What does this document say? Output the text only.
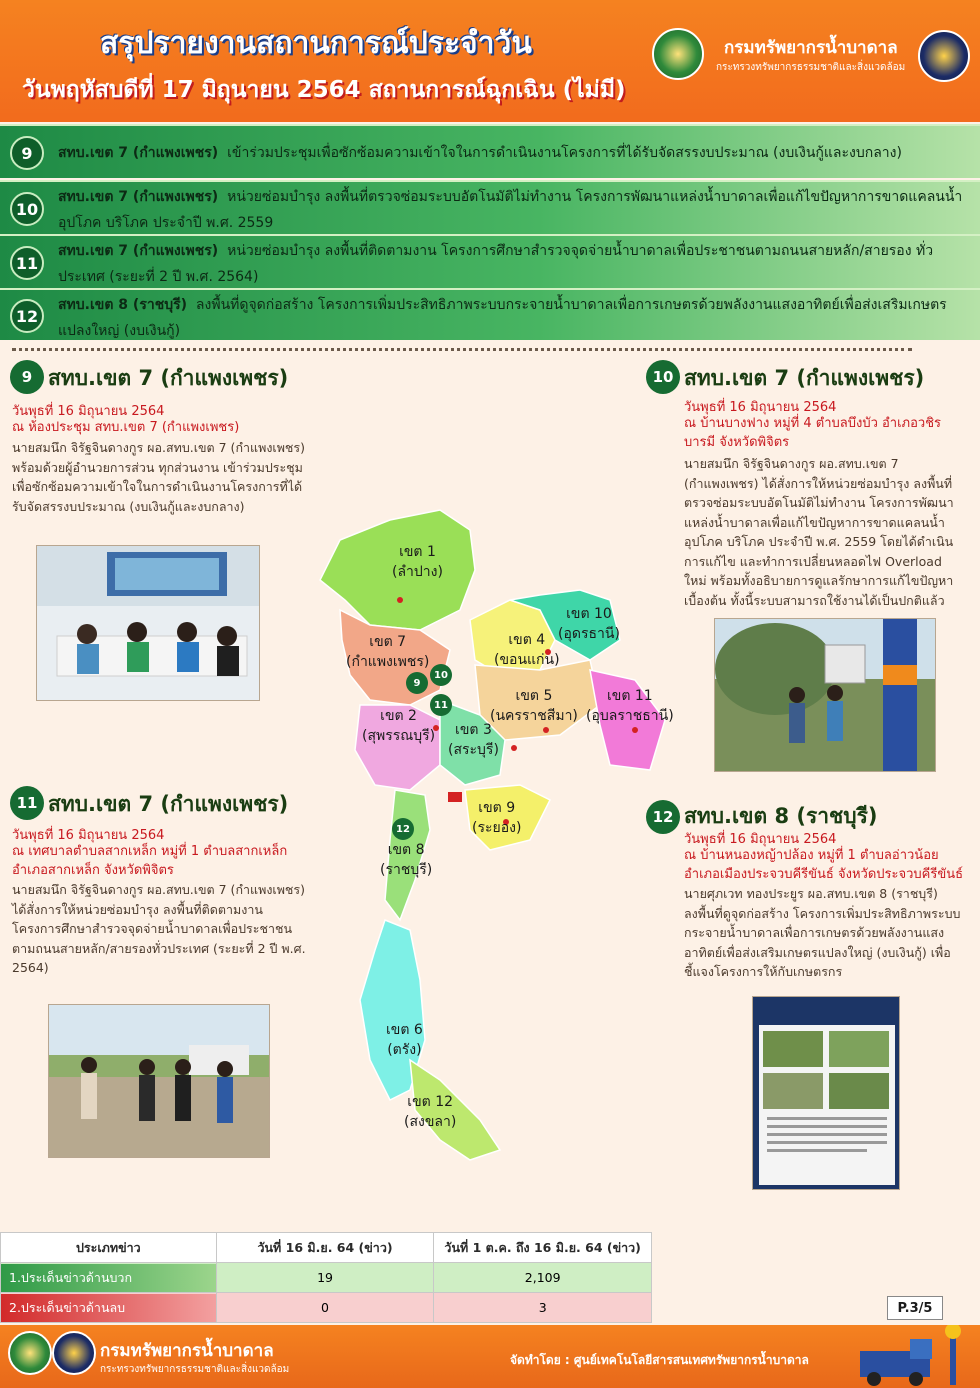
สรุปรายงานสถานการณ์ประจำวัน
วันพฤหัสบดีที่ 17 มิถุนายน 2564 สถานการณ์ฉุกเฉิน (ไม่มี)
กรมทรัพยากรน้ำบาดาล
กระทรวงทรัพยากรธรรมชาติและสิ่งแวดล้อม
9	สทบ.เขต 7 (กำแพงเพชร) เข้าร่วมประชุมเพื่อซักซ้อมความเข้าใจในการดำเนินงานโครงการที่ได้รับจัดสรรงบประมาณ (งบเงินกู้และงบกลาง)
10
สทบ.เขต 7 (กำแพงเพชร) หน่วยซ่อมบำรุง ลงพื้นที่ตรวจซ่อมระบบอัตโนมัติไม่ทำงาน โครงการพัฒนาแหล่งน้ำบาดาลเพื่อแก้ไขปัญหาการขาดแคลนน้ำอุปโภค บริโภค ประจำปี พ.ศ. 2559
11
สทบ.เขต 7 (กำแพงเพชร) หน่วยซ่อมบำรุง ลงพื้นที่ติดตามงาน โครงการศึกษาสำรวจจุดจ่ายน้ำบาดาลเพื่อประชาชนตามถนนสายหลัก/สายรอง ทั่วประเทศ (ระยะที่ 2 ปี พ.ศ. 2564)
12
สทบ.เขต 8 (ราชบุรี) ลงพื้นที่ดูจุดก่อสร้าง โครงการเพิ่มประสิทธิภาพระบบกระจายน้ำบาดาลเพื่อการเกษตรด้วยพลังงานแสงอาทิตย์เพื่อส่งเสริมเกษตรแปลงใหญ่ (งบเงินกู้)
9 สทบ.เขต 7 (กำแพงเพชร)
วันพุธที่ 16 มิถุนายน 2564
ณ ห้องประชุม สทบ.เขต 7 (กำแพงเพชร)
นายสมนึก จิรัฐจินดางกูร ผอ.สทบ.เขต 7 (กำแพงเพชร) พร้อมด้วยผู้อำนวยการส่วน ทุกส่วนงาน เข้าร่วมประชุมเพื่อซักซ้อมความเข้าใจในการดำเนินงานโครงการที่ได้รับจัดสรรงบประมาณ (งบเงินกู้และงบกลาง)
10 สทบ.เขต 7 (กำแพงเพชร)
วันพุธที่ 16 มิถุนายน 2564
ณ บ้านบางฟาง หมู่ที่ 4 ตำบลบึงบัว อำเภอวชิรบารมี จังหวัดพิจิตร
นายสมนึก จิรัฐจินดางกูร ผอ.สทบ.เขต 7 (กำแพงเพชร) ได้สั่งการให้หน่วยซ่อมบำรุง ลงพื้นที่ตรวจซ่อมระบบอัตโนมัติไม่ทำงาน โครงการพัฒนาแหล่งน้ำบาดาลเพื่อแก้ไขปัญหาการขาดแคลนน้ำอุปโภค บริโภค ประจำปี พ.ศ. 2559 โดยได้ดำเนินการแก้ไข และทำการเปลี่ยนหลอดไฟ Overload ใหม่ พร้อมทั้งอธิบายการดูแลรักษาการแก้ไขปัญหาเบื้องต้น ทั้งนี้ระบบสามารถใช้งานได้เป็นปกติแล้ว
11 สทบ.เขต 7 (กำแพงเพชร)
วันพุธที่ 16 มิถุนายน 2564
ณ เทศบาลตำบลสากเหล็ก หมู่ที่ 1 ตำบลสากเหล็ก อำเภอสากเหล็ก จังหวัดพิจิตร
นายสมนึก จิรัฐจินดางกูร ผอ.สทบ.เขต 7 (กำแพงเพชร) ได้สั่งการให้หน่วยซ่อมบำรุง ลงพื้นที่ติดตามงาน โครงการศึกษาสำรวจจุดจ่ายน้ำบาดาลเพื่อประชาชนตามถนนสายหลัก/สายรองทั่วประเทศ (ระยะที่ 2 ปี พ.ศ. 2564)
12 สทบ.เขต 8 (ราชบุรี)
วันพุธที่ 16 มิถุนายน 2564
ณ บ้านหนองหญ้าปล้อง หมู่ที่ 1 ตำบลอ่าวน้อย อำเภอเมืองประจวบคีรีขันธ์ จังหวัดประจวบคีรีขันธ์
นายศุภเวท ทองประยูร ผอ.สทบ.เขต 8 (ราชบุรี) ลงพื้นที่ดูจุดก่อสร้าง โครงการเพิ่มประสิทธิภาพระบบกระจายน้ำบาดาลเพื่อการเกษตรด้วยพลังงานแสงอาทิตย์เพื่อส่งเสริมเกษตรแปลงใหญ่ (งบเงินกู้) เพื่อชี้แจงโครงการให้กับเกษตรกร
เขต 1
(ลำปาง)
เขต 7
(กำแพงเพชร)
เขต 2
(สุพรรณบุรี)	เขต 3
(สระบุรี)
เขต 4
(ขอนแก่น)
เขต 5
(นครราชสีมา)
เขต 10
(อุดรธานี)
เขต 11
(อุบลราชธานี)
เขต 9
(ระยอง)
เขต 8
(ราชบุรี)
เขต 6
(ตรัง)
เขต 12
(สงขลา)
9
10
11
12
ประเภทข่าว	วันที่ 16 มิ.ย. 64 (ข่าว)	วันที่ 1 ต.ค. ถึง 16 มิ.ย. 64 (ข่าว)

1.ประเด็นข่าวด้านบวก	19	2,109

2.ประเด็นข่าวด้านลบ	0	3	P.3/5
กรมทรัพยากรน้ำบาดาล
กระทรวงทรัพยากรธรรมชาติและสิ่งแวดล้อม
จัดทำโดย : ศูนย์เทคโนโลยีสารสนเทศทรัพยากรน้ำบาดาล
